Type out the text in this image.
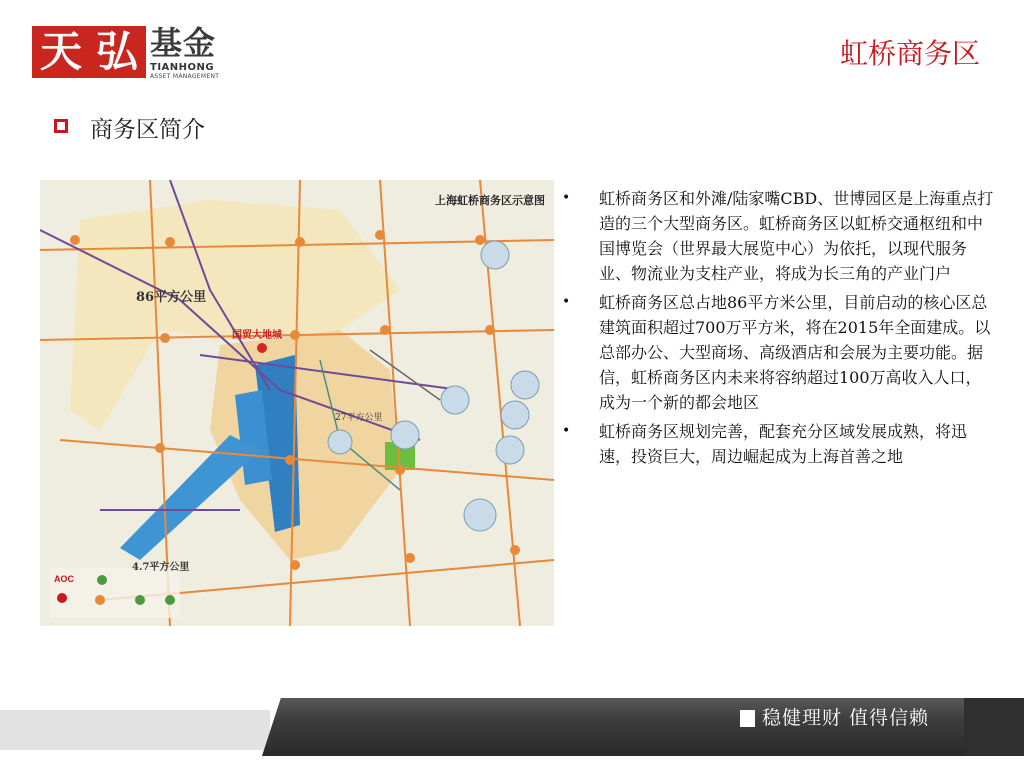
天 弘 基金
TIANHONG
ASSET MANAGEMENT
虹桥商务区
商务区简介
AOC
上海虹桥商务区示意图
86平方公里
27平方公里
4.7平方公里
国贸大地城
• 虹桥商务区和外滩/陆家嘴CBD、世博园区是上海重点打造的三个大型商务区。虹桥商务区以虹桥交通枢纽和中国博览会（世界最大展览中心）为依托，以现代服务业、物流业为支柱产业，将成为长三角的产业门户
• 虹桥商务区总占地86平方米公里，目前启动的核心区总建筑面积超过700万平方米，将在2015年全面建成。以总部办公、大型商场、高级酒店和会展为主要功能。据信，虹桥商务区内未来将容纳超过100万高收入人口，成为一个新的都会地区
• 虹桥商务区规划完善，配套充分区域发展成熟，将迅速，投资巨大，周边崛起成为上海首善之地
稳健理财 值得信赖
